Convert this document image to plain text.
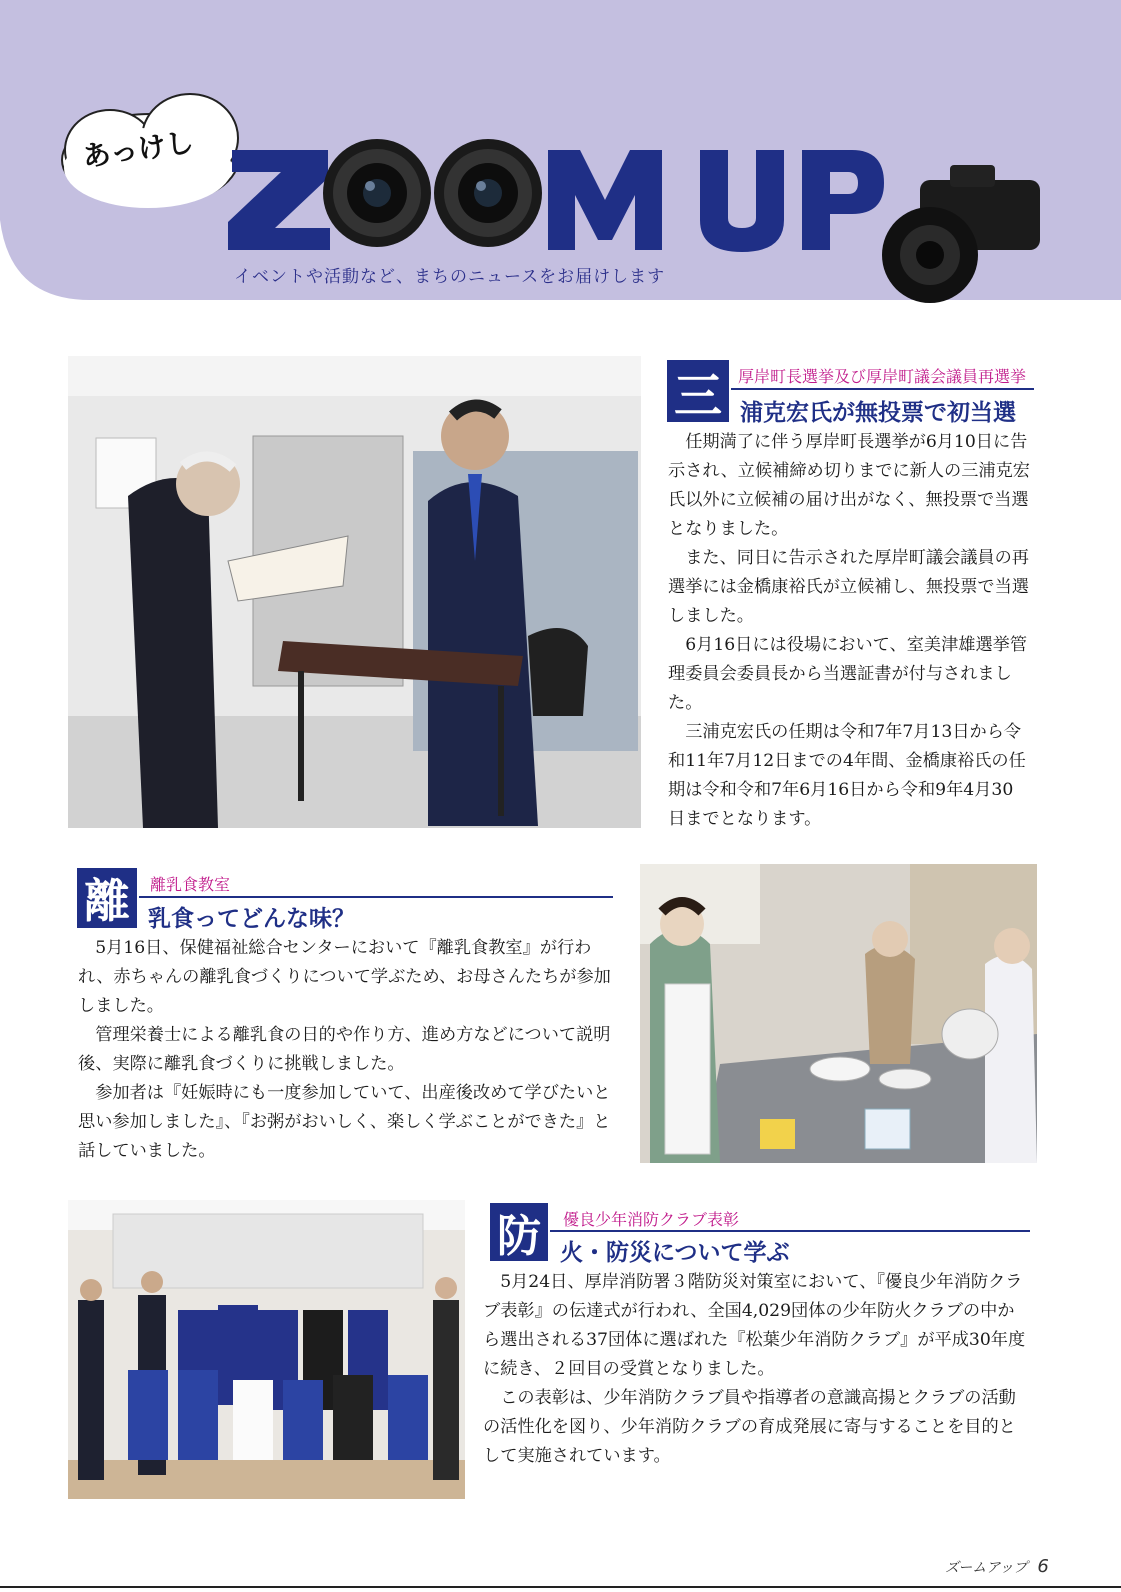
あっけし
イベントや活動など、まちのニュースをお届けします
三	厚岸町長選挙及び厚岸町議会議員再選挙
浦克宏氏が無投票で初当選

任期満了に伴う厚岸町長選挙が6月10日に告示され、立候補締め切りまでに新人の三浦克宏氏以外に立候補の届け出がなく、無投票で当選となりました。

また、同日に告示された厚岸町議会議員の再選挙には金橋康裕氏が立候補し、無投票で当選しました。

6月16日には役場において、室美津雄選挙管理委員会委員長から当選証書が付与されました。

三浦克宏氏の任期は令和7年7月13日から令和11年7月12日までの4年間、金橋康裕氏の任期は令和令和7年6月16日から令和9年4月30日までとなります。

離	離乳食教室
乳食ってどんな味？

5月16日、保健福祉総合センターにおいて『離乳食教室』が行われ、赤ちゃんの離乳食づくりについて学ぶため、お母さんたちが参加しました。

管理栄養士による離乳食の日的や作り方、進め方などについて説明後、実際に離乳食づくりに挑戦しました。

参加者は『妊娠時にも一度参加していて、出産後改めて学びたいと思い参加しました』、『お粥がおいしく、楽しく学ぶことができた』と話していました。

防	優良少年消防クラブ表彰
火・防災について学ぶ

5月24日、厚岸消防署３階防災対策室において、『優良少年消防クラブ表彰』の伝達式が行われ、全国4,029団体の少年防火クラブの中から選出される37団体に選ばれた『松葉少年消防クラブ』が平成30年度に続き、２回目の受賞となりました。

この表彰は、少年消防クラブ員や指導者の意識高揚とクラブの活動の活性化を図り、少年消防クラブの育成発展に寄与することを目的として実施されています。

ズームアップ 6
